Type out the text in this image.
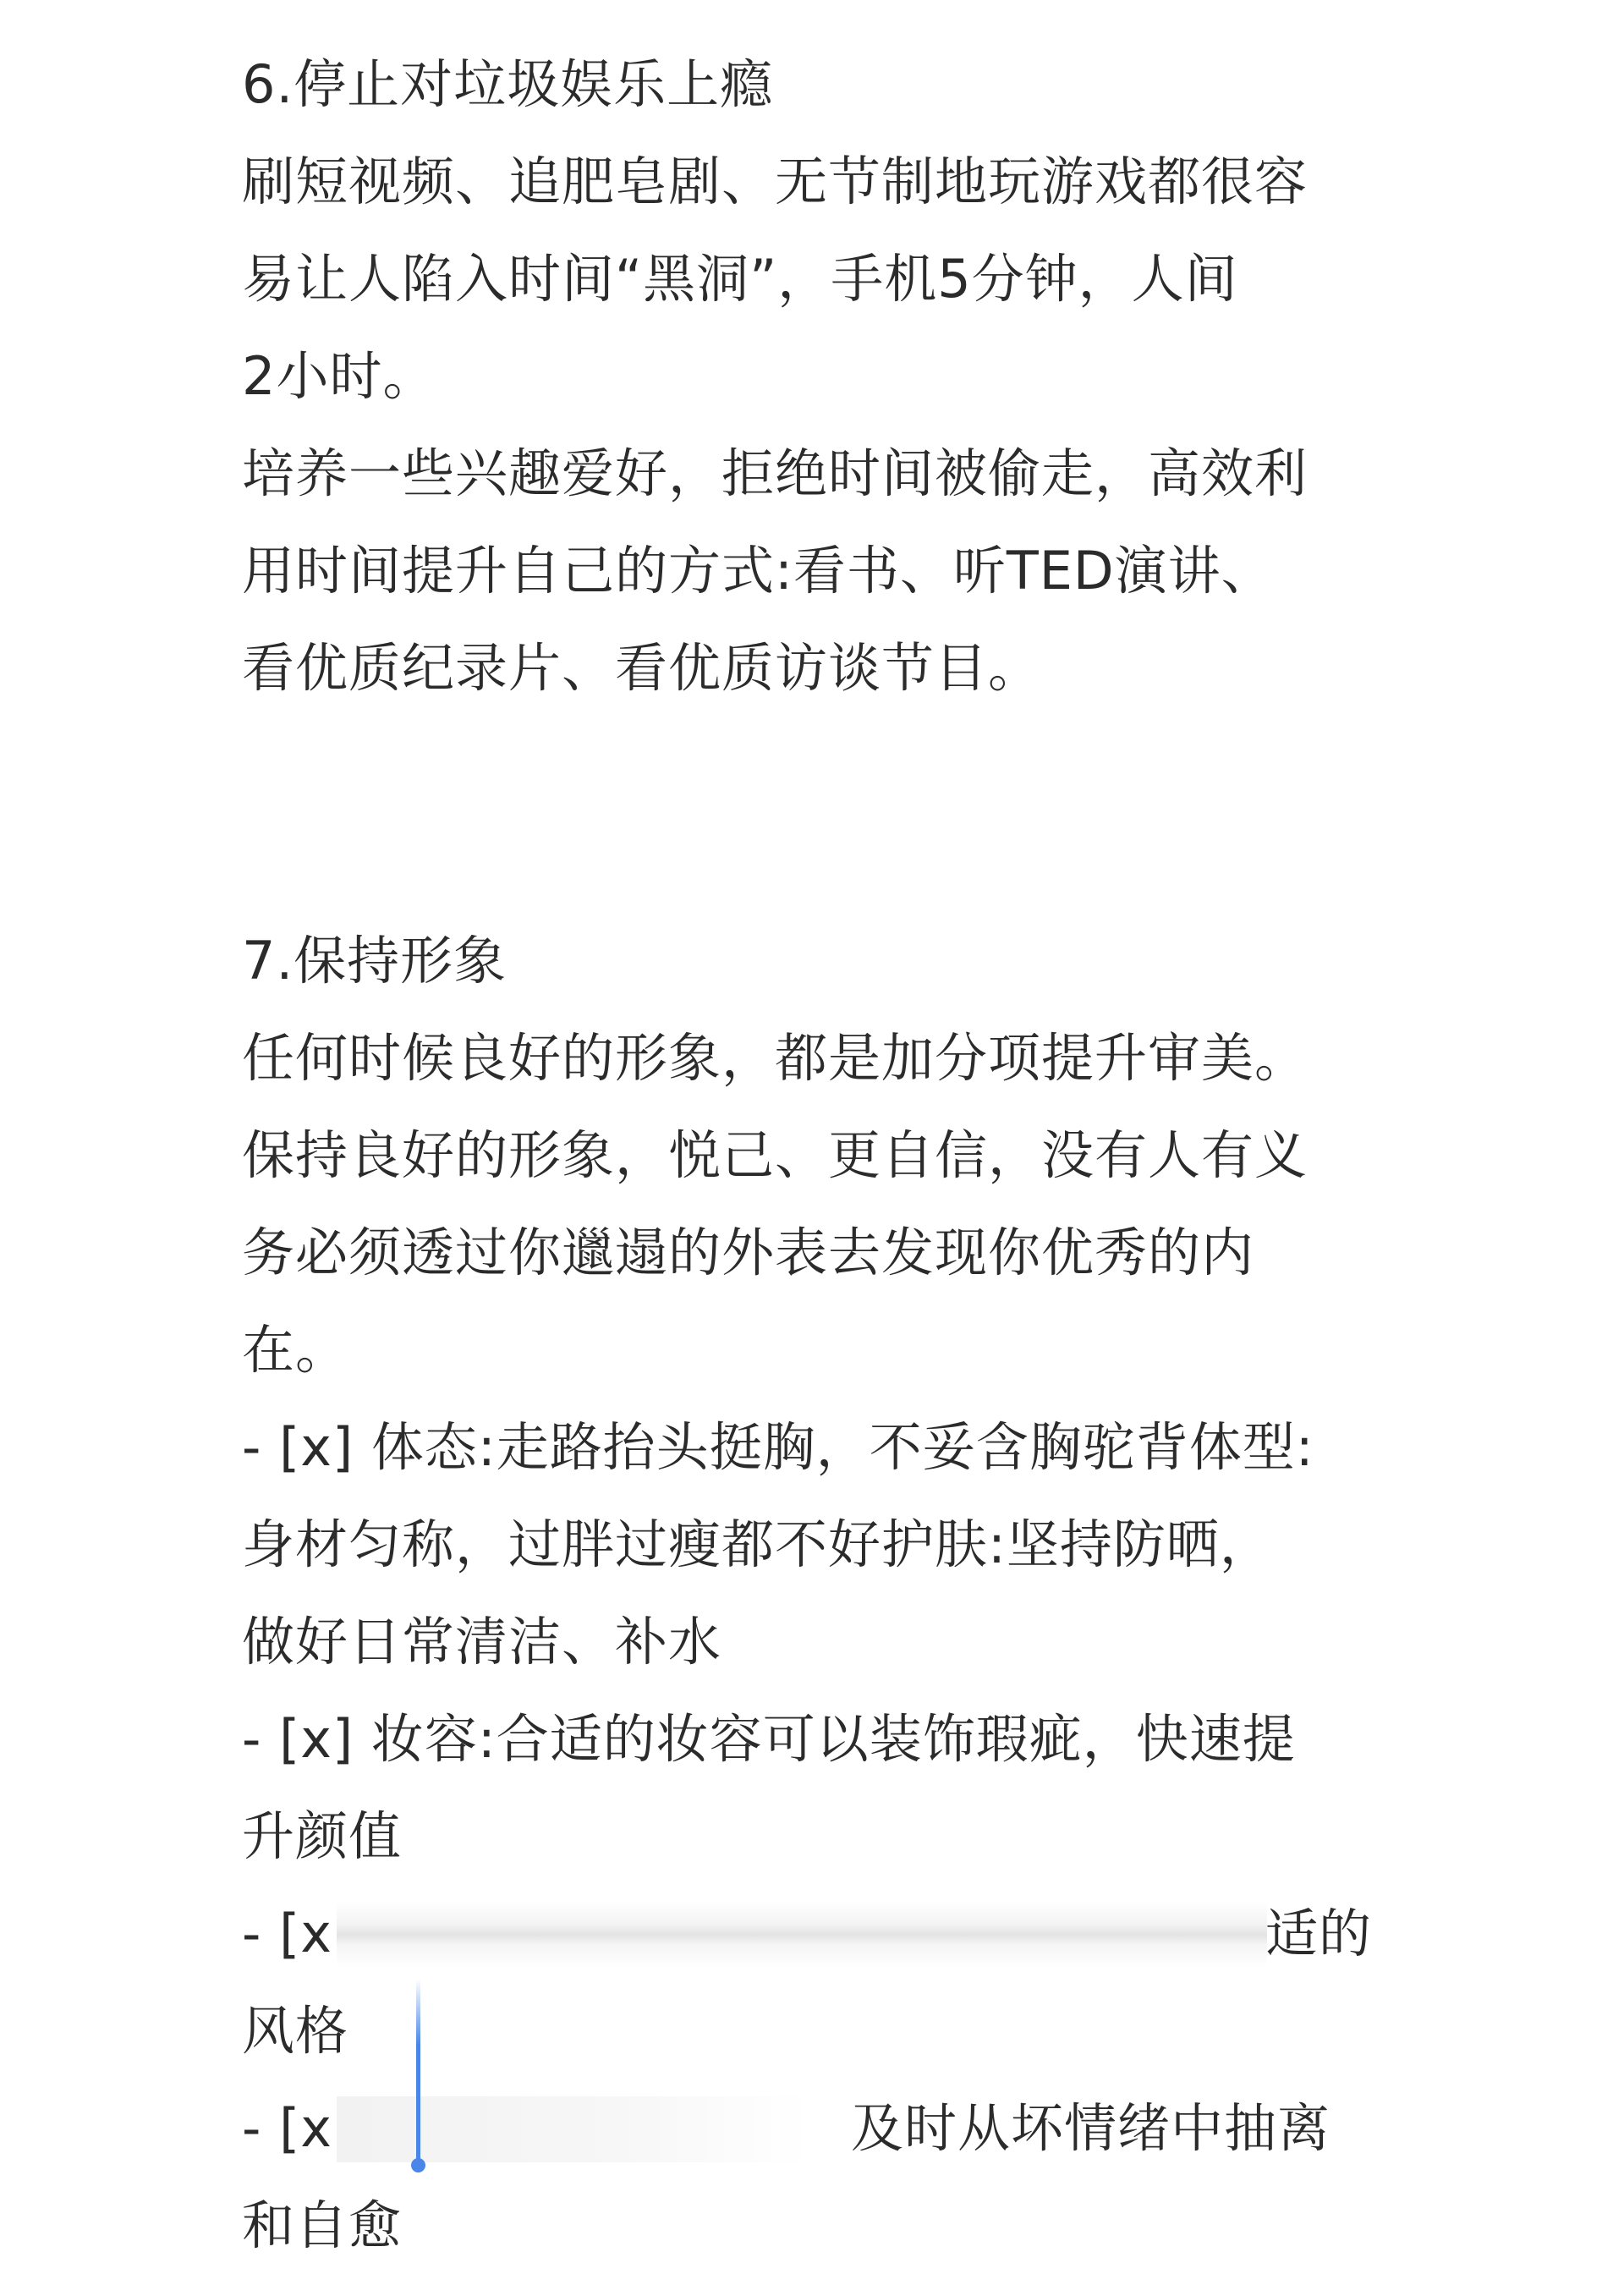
6.停止对垃圾娱乐上瘾
刷短视频、追肥皂剧、无节制地玩游戏都很容
易让人陷入时间“黑洞”，手机5分钟，人间
2小时。
培养一些兴趣爱好，拒绝时间被偷走，高效利
用时间提升自己的方式:看书、听TED演讲、
看优质纪录片、看优质访谈节目。
7.保持形象
任何时候良好的形象，都是加分项提升审美。
保持良好的形象，悦己、更自信，没有人有义
务必须透过你邋遢的外表去发现你优秀的内
在。
- [x] 体态:走路抬头挺胸，不妥含胸驼背体型:
身材匀称，过胖过瘦都不好护肤:坚持防晒，
做好日常清洁、补水
- [x] 妆容:合适的妆容可以装饰瑕疵，快速提
升颜值
- [x	适的
风格
- [x	及时从坏情绪中抽离
和自愈
